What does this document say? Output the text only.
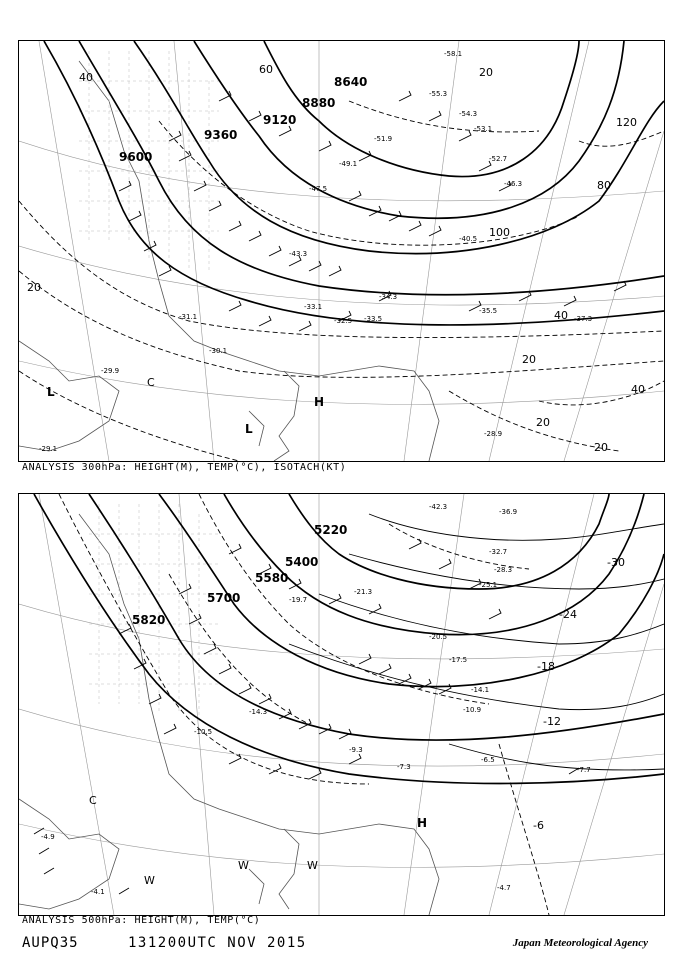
9600
9360
9120
8880
8640
20
40
60
80
100
120
20
40
20
40
20
20
-29.9
-30.1
-31.1
-33.1
-32.5 -33.5
-34.3
-35.5
-37.3
-28.9
-29.1
-40.5
-43.3
-47.5
-49.1
-51.9
-55.3
-58.1
-54.3
-53.1
-52.7
-46.3
L
L
H
C
ANALYSIS 300hPa: HEIGHT(M), TEMP(°C), ISOTACH(KT)
5820
5700
5580
5400
5220
-30
-24
-18
-12
-6
-42.3
-36.9
-32.7
-28.3
-25.1
-21.3
-19.7
-14.3
-10.5
-9.3
-7.3
-6.5
-7.7
-4.1	-4.7
-4.9
-14.1
-10.9
-17.5
-20.5
H
C
W
W	W
ANALYSIS 500hPa: HEIGHT(M), TEMP(°C)
AUPQ35	131200UTC NOV 2015	Japan Meteorological Agency
